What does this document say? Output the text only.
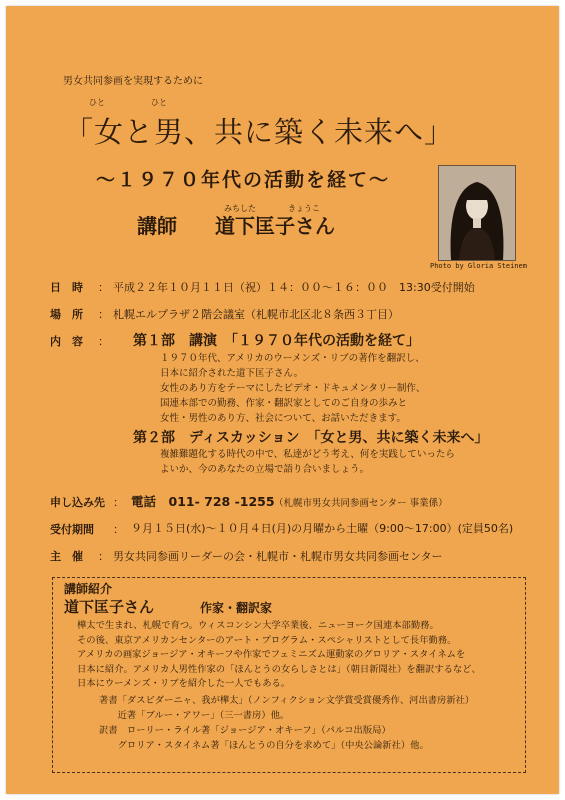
男女共同参画を実現するために
ひと	ひと
「女と男、共に築く未来へ」
～１９７０年代の活動を経て～
みちした	きょうこ
講師 道下匡子さん
Photo by Gloria Steinem
日　時 ： 平成２２年１０月１１日（祝）１４：００～１６：００　13:30受付開始
場　所 ： 札幌エルプラザ２階会議室（札幌市北区北８条西３丁目）
内　容 ： 第１部　講演　「１９７０年代の活動を経て」
１９７０年代、アメリカのウーメンズ・リブの著作を翻訳し、
日本に紹介された道下匡子さん。
女性のあり方をテーマにしたビデオ・ドキュメンタリー制作、
国連本部での勤務、作家・翻訳家としてのご自身の歩みと
女性・男性のあり方、社会について、お話いただきます。
第２部　ディスカッション　「女と男、共に築く未来へ」
複雑難題化する時代の中で、私達がどう考え、何を実践していったら
よいか、今のあなたの立場で語り合いましょう。
申し込み先 ： 電話　011- 728 -1255 （札幌市男女共同参画センター 事業係）
受付期間 ： ９月１５日(水)～１０月４日(月)の月曜から土曜（9:00～17:00）(定員50名)
主　催 ： 男女共同参画リーダーの会・札幌市・札幌市男女共同参画センター
講師紹介
道下匡子さん	作家・翻訳家
樺太で生まれ、札幌で育つ。ウィスコンシン大学卒業後、ニューヨーク国連本部勤務。
その後、東京アメリカンセンターのアート・プログラム・スペシャリストとして長年勤務。
アメリカの画家ジョージア・オキーフや作家でフェミニズム運動家のグロリア・スタイネムを
日本に紹介。アメリカ人男性作家の「ほんとうの女らしさとは」（朝日新聞社）を翻訳するなど、
日本にウーメンズ・リブを紹介した一人でもある。
著書「ダスビダーニャ、我が樺太」（ノンフィクション文学賞受賞優秀作、河出書房新社）
　　近著「ブルー・アワー」（三一書房）他。
訳書　ローリー・ライル著「ジョージア・オキーフ」（パルコ出版局）
　　グロリア・スタイネム著「ほんとうの自分を求めて」（中央公論新社）他。
